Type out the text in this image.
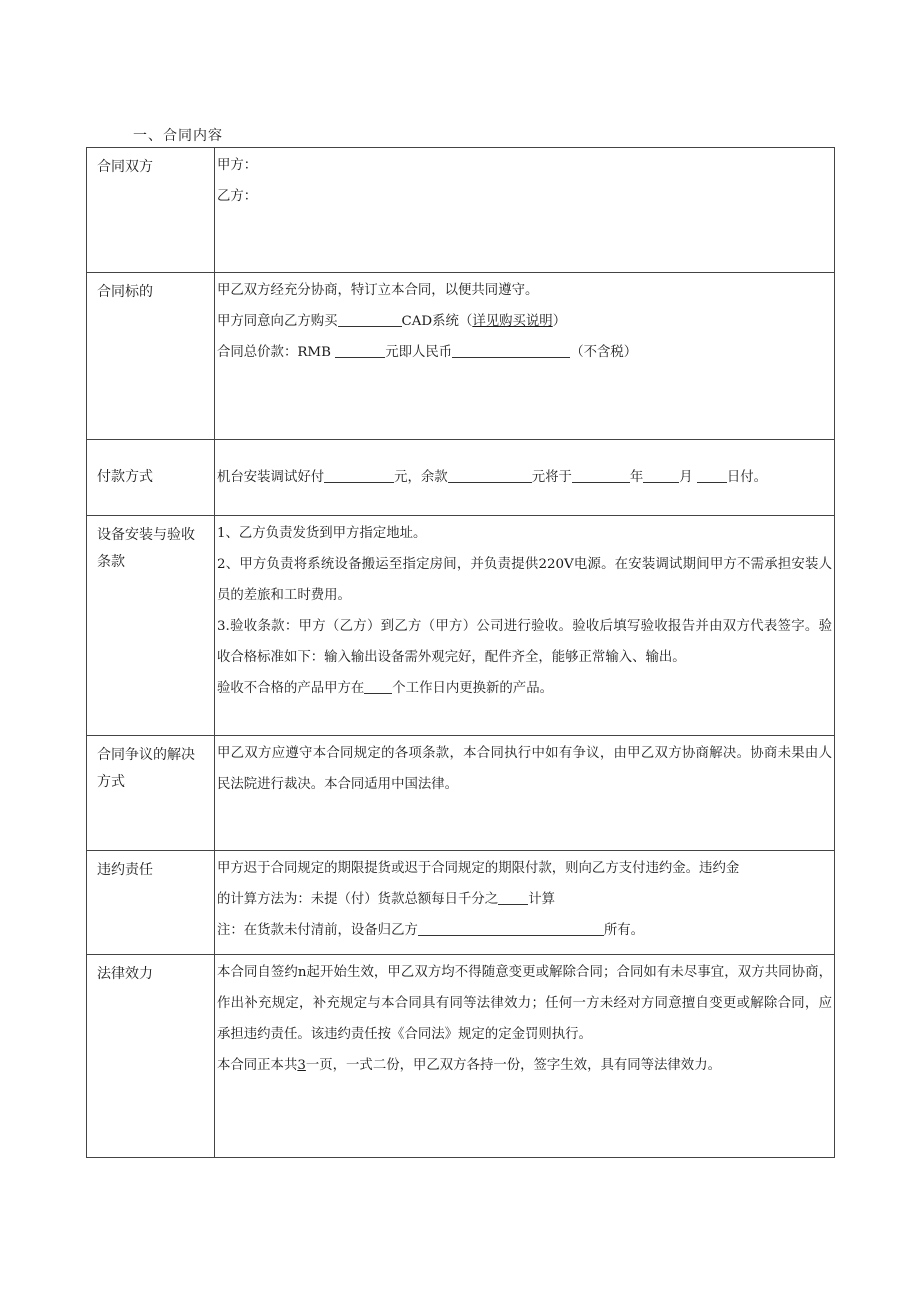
一、合同内容
合同双方	甲方：
乙方：

合同标的	甲乙双方经充分协商，特订立本合同，以便共同遵守。
甲方同意向乙方购买 CAD系统（详见购买说明）
合同总价款：RMB 元即人民币 （不含税）

付款方式	机台安装调试好付 元，余款 元将于 年 月 日付。

设备安装与验收条款	1、乙方负责发货到甲方指定地址。
2、甲方负责将系统设备搬运至指定房间，并负责提供220V电源。在安装调试期间甲方不需承担安装人员的差旅和工时费用。
3.验收条款：甲方（乙方）到乙方（甲方）公司进行验收。验收后填写验收报告并由双方代表签字。验收合格标准如下：输入输出设备需外观完好，配件齐全，能够正常输入、输出。
验收不合格的产品甲方在 个工作日内更换新的产品。

合同争议的解决方式	甲乙双方应遵守本合同规定的各项条款，本合同执行中如有争议，由甲乙双方协商解决。协商未果由人民法院进行裁决。本合同适用中国法律。

违约责任	甲方迟于合同规定的期限提货或迟于合同规定的期限付款，则向乙方支付违约金。违约金
的计算方法为：未提（付）货款总额每日千分之 计算
注：在货款未付清前，设备归乙方 所有。

法律效力	本合同自签约n起开始生效，甲乙双方均不得随意变更或解除合同；合同如有未尽事宜，双方共同协商，作出补充规定，补充规定与本合同具有同等法律效力；任何一方未经对方同意擅自变更或解除合同，应承担违约责任。该违约责任按《合同法》规定的定金罚则执行。
本合同正本共3一页，一式二份，甲乙双方各持一份，签字生效，具有同等法律效力。
